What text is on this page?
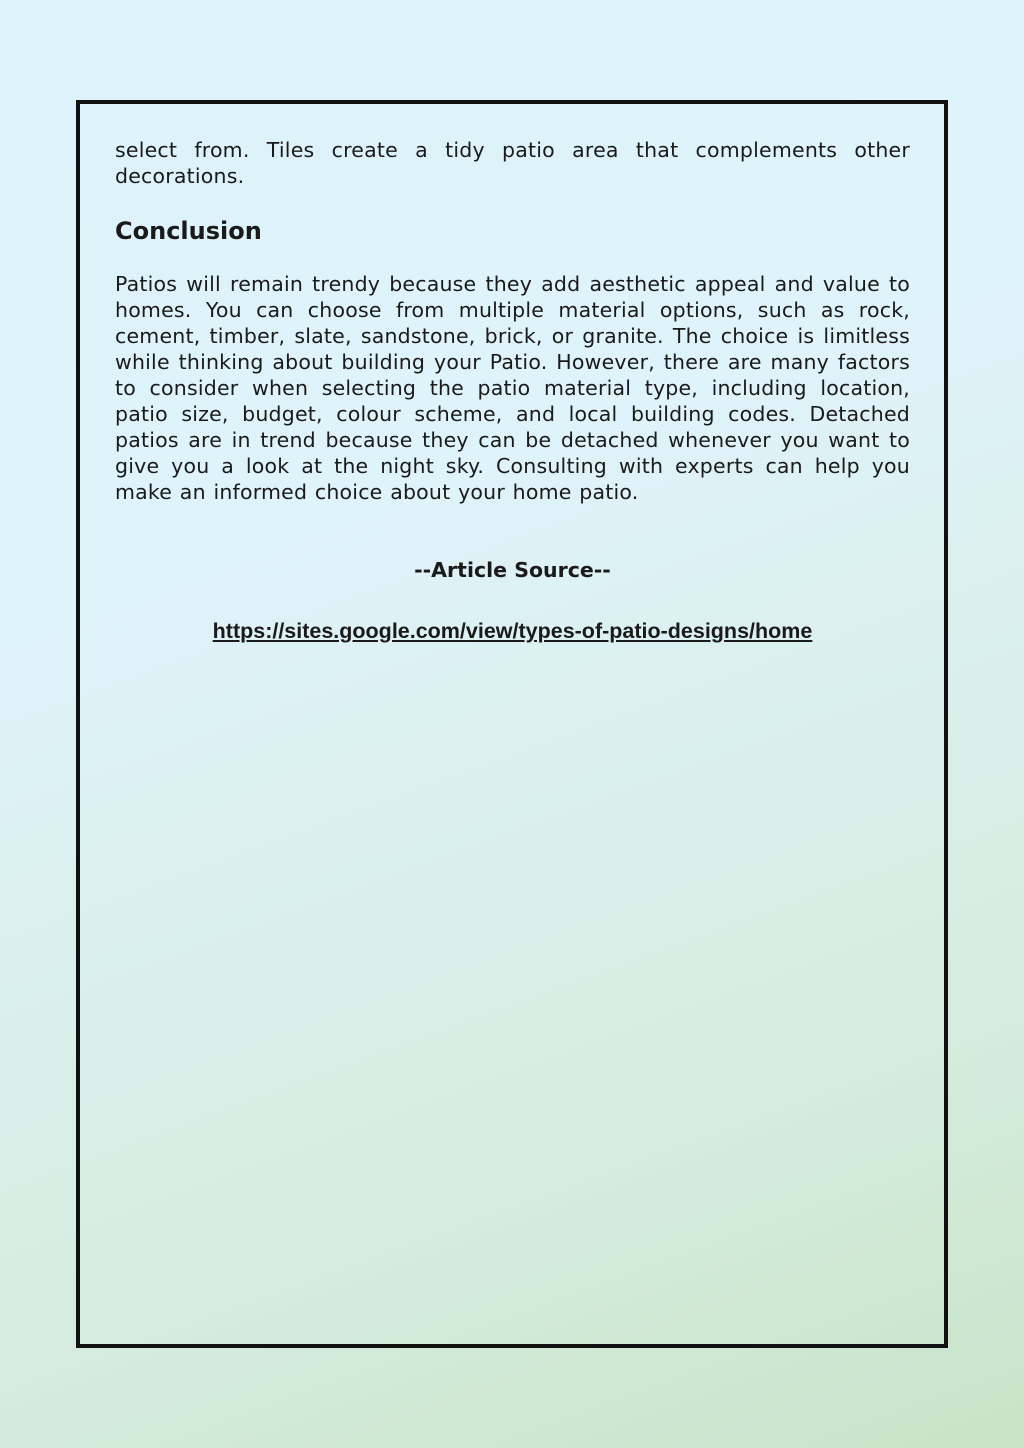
select from. Tiles create a tidy patio area that complements other decorations.

Conclusion

Patios will remain trendy because they add aesthetic appeal and value to homes. You can choose from multiple material options, such as rock, cement, timber, slate, sandstone, brick, or granite. The choice is limitless while thinking about building your Patio. However, there are many factors to consider when selecting the patio material type, including location, patio size, budget, colour scheme, and local building codes. Detached patios are in trend because they can be detached whenever you want to give you a look at the night sky. Consulting with experts can help you make an informed choice about your home patio.

--Article Source--

https://sites.google.com/view/types-of-patio-designs/home
